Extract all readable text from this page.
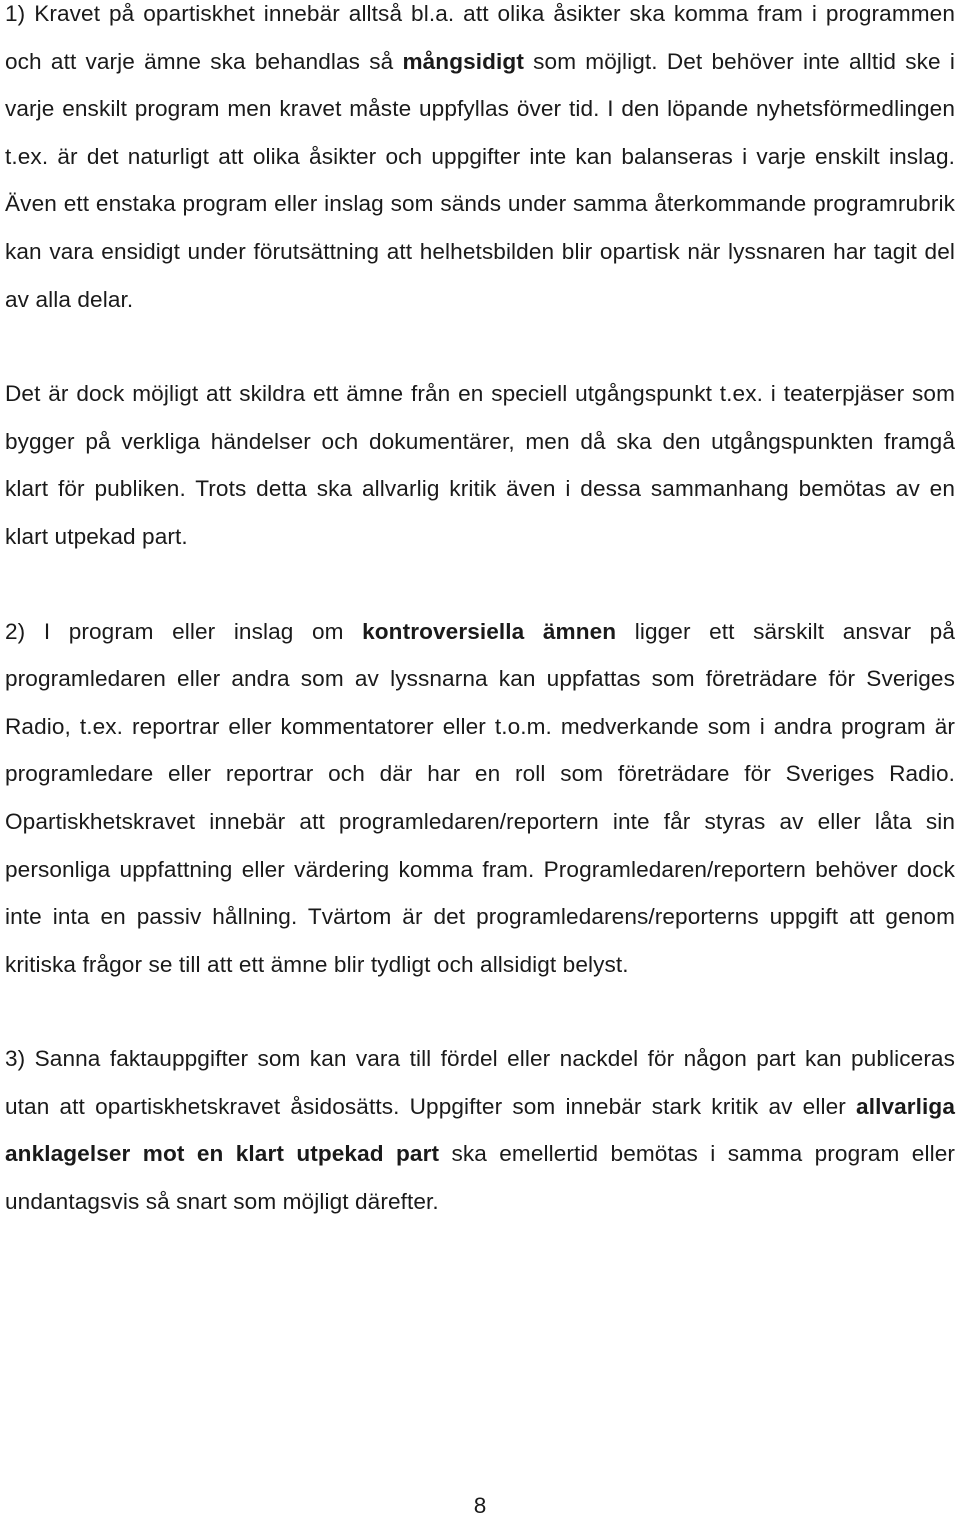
1) Kravet på opartiskhet innebär alltså bl.a. att olika åsikter ska komma fram i programmen och att varje ämne ska behandlas så mångsidigt som möjligt. Det behöver inte alltid ske i varje enskilt program men kravet måste uppfyllas över tid. I den löpande nyhetsförmedlingen t.ex. är det naturligt att olika åsikter och uppgifter inte kan balanseras i varje enskilt inslag. Även ett enstaka program eller inslag som sänds under samma återkommande programrubrik kan vara ensidigt under förutsättning att helhetsbilden blir opartisk när lyssnaren har tagit del av alla delar.

Det är dock möjligt att skildra ett ämne från en speciell utgångspunkt t.ex. i teaterpjäser som bygger på verkliga händelser och dokumentärer, men då ska den utgångspunkten framgå klart för publiken. Trots detta ska allvarlig kritik även i dessa sammanhang bemötas av en klart utpekad part.

2) I program eller inslag om kontroversiella ämnen ligger ett särskilt ansvar på programledaren eller andra som av lyssnarna kan uppfattas som företrädare för Sveriges Radio, t.ex. reportrar eller kommentatorer eller t.o.m. medverkande som i andra program är programledare eller reportrar och där har en roll som företrädare för Sveriges Radio. Opartiskhetskravet innebär att programledaren/reportern inte får styras av eller låta sin personliga uppfattning eller värdering komma fram. Programledaren/reportern behöver dock inte inta en passiv hållning. Tvärtom är det programledarens/reporterns uppgift att genom kritiska frågor se till att ett ämne blir tydligt och allsidigt belyst.

3) Sanna faktauppgifter som kan vara till fördel eller nackdel för någon part kan publiceras utan att opartiskhetskravet åsidosätts. Uppgifter som innebär stark kritik av eller allvarliga anklagelser mot en klart utpekad part ska emellertid bemötas i samma program eller undantagsvis så snart som möjligt därefter.

8
